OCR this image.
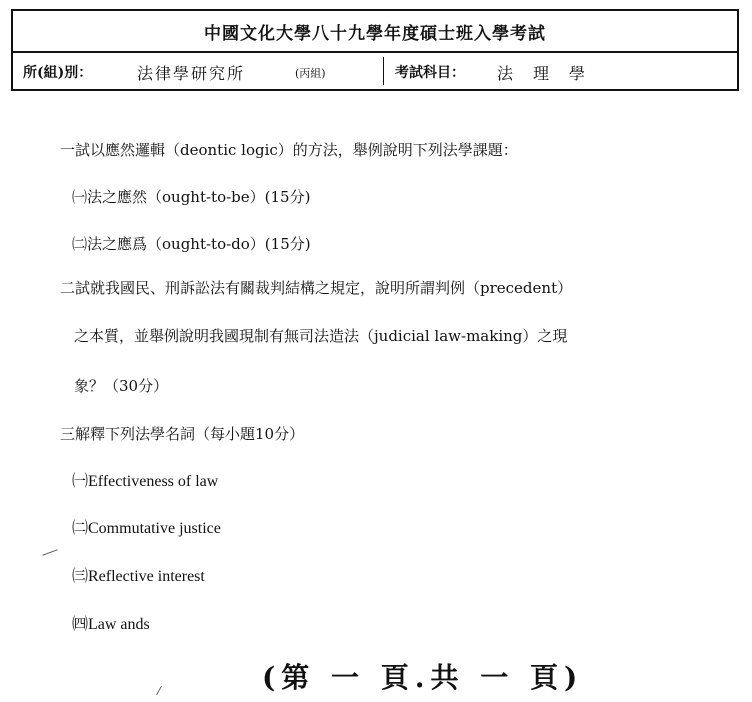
中國文化大學八十九學年度碩士班入學考試
所(組)別：	法律學研究所	(丙組)	考試科目： 法　理　學
一試以應然邏輯（deontic logic）的方法，舉例說明下列法學課題：
㈠法之應然（ought-to-be）(15分)
㈡法之應爲（ought-to-do）(15分)
二試就我國民、刑訴訟法有關裁判結構之規定，說明所謂判例（precedent）
之本質，並舉例說明我國現制有無司法造法（judicial law-making）之現
象？（30分）
三解釋下列法學名詞（每小題10分）
㈠Effectiveness of law
㈡Commutative justice
㈢Reflective interest
㈣Law ands
(第 一 頁.共 一 頁)
